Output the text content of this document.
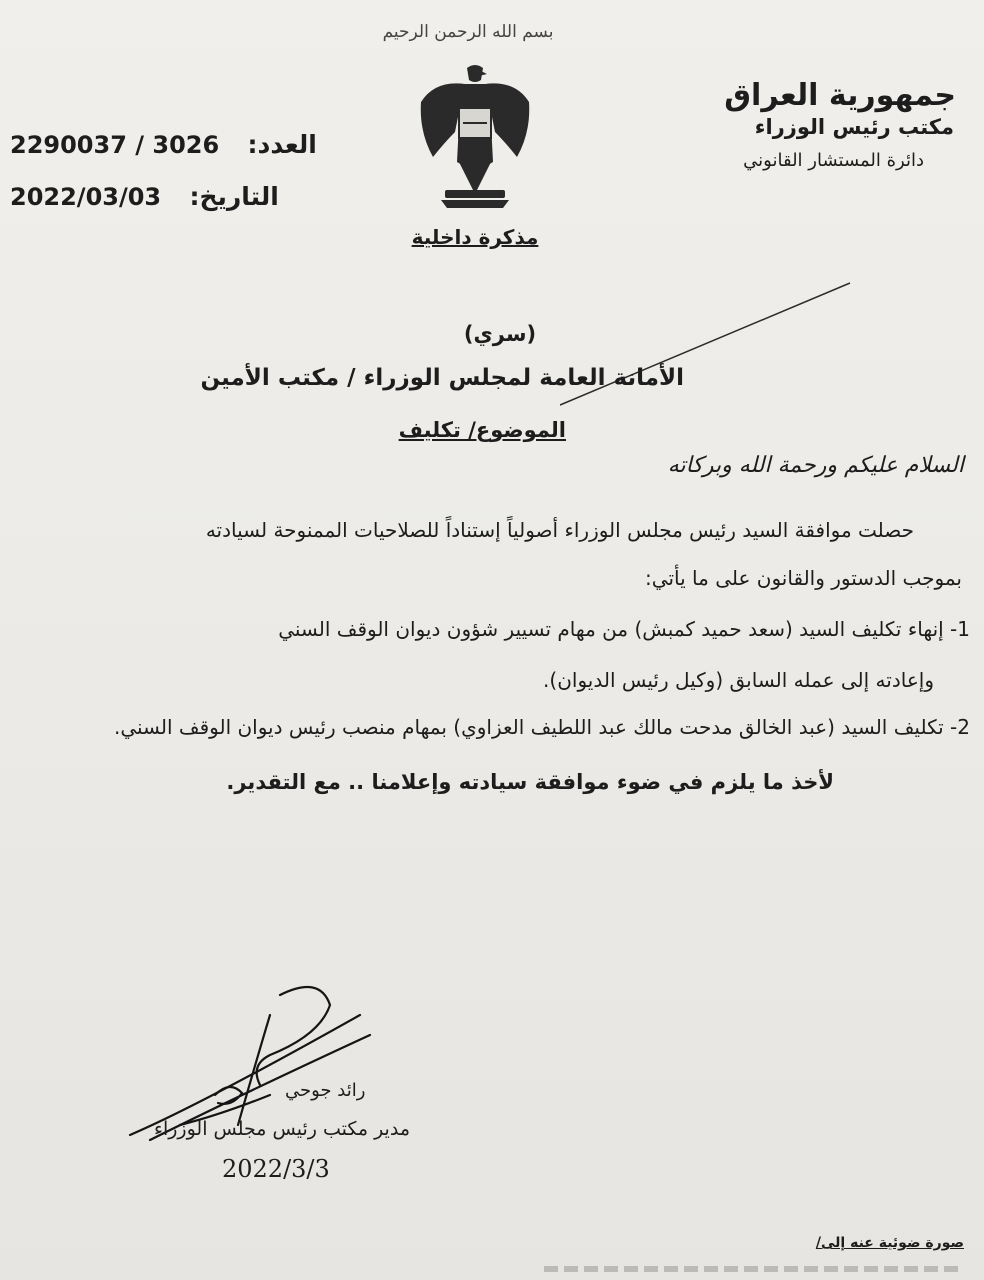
جمهورية العراق
مكتب رئيس الوزراء
دائرة المستشار القانوني
2290037 / 3026 العدد:
2022/03/03 التاريخ:
بسم الله الرحمن الرحيم
مذكرة داخلية
(سري)
الأمانة العامة لمجلس الوزراء / مكتب الأمين
الموضوع/ تكليف
السلام عليكم ورحمة الله وبركاته
حصلت موافقة السيد رئيس مجلس الوزراء أصولياً إستناداً للصلاحيات الممنوحة لسيادته
بموجب الدستور والقانون على ما يأتي:
1- إنهاء تكليف السيد (سعد حميد كمبش) من مهام تسيير شؤون ديوان الوقف السني
وإعادته إلى عمله السابق (وكيل رئيس الديوان).
2- تكليف السيد (عبد الخالق مدحت مالك عبد اللطيف العزاوي) بمهام منصب رئيس ديوان الوقف السني.
لأخذ ما يلزم في ضوء موافقة سيادته وإعلامنا .. مع التقدير.
رائد جوحي
مدير مكتب رئيس مجلس الوزراء
2022/3/3
صورة ضوئية عنه إلى/
